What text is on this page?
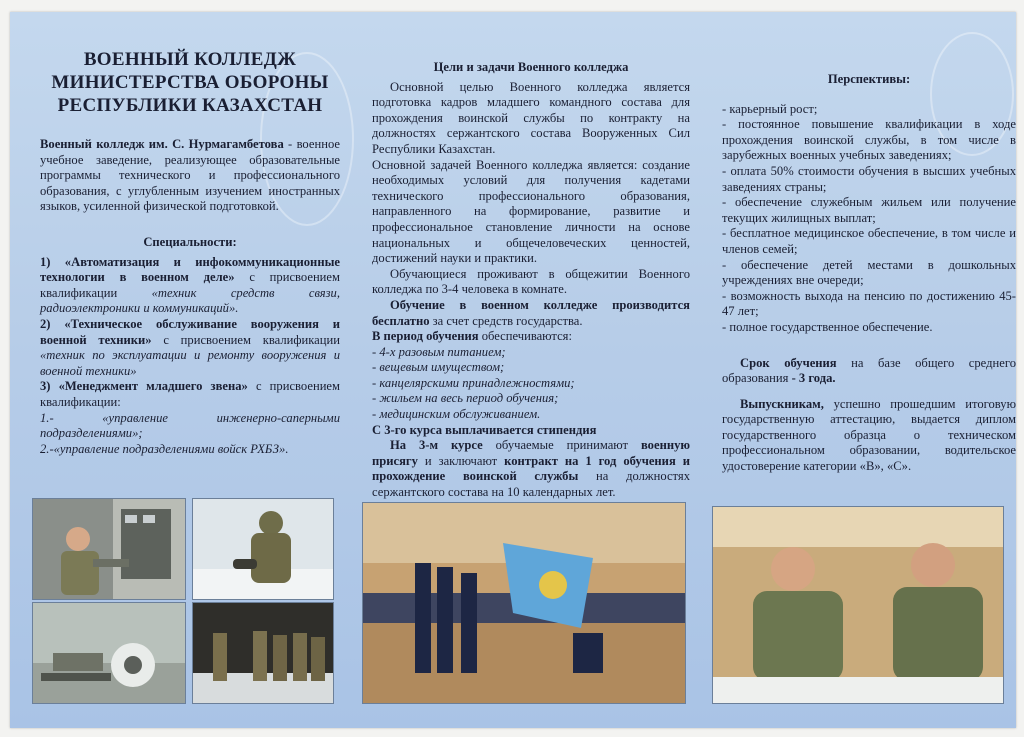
ВОЕННЫЙ КОЛЛЕДЖ
МИНИСТЕРСТВА ОБОРОНЫ
РЕСПУБЛИКИ КАЗАХСТАН

Военный колледж им. С. Нурмагамбетова - военное учебное заведение, реализующее образовательные программы технического и профессионального образования, с углубленным изучением иностранных языков, усиленной физической подготовкой.

Специальности:

1) «Автоматизация и инфокоммуникационные технологии в военном деле» с присвоением квалификации «техник средств связи, радиоэлектроники и коммуникаций».

2) «Техническое обслуживание вооружения и военной техники» с присвоением квалификации «техник по эксплуатации и ремонту вооружения и военной техники»

3) «Менеджмент младшего звена» с присвоением квалификации:

1.- «управление инженерно-саперными подразделениями»;

2.-«управление подразделениями войск РХБЗ».

Цели и задачи Военного колледжа

Основной целью Военного колледжа является подготовка кадров младшего командного состава для прохождения воинской службы по контракту на должностях сержантского состава Вооруженных Сил Республики Казахстан.

Основной задачей Военного колледжа является: создание необходимых условий для получения кадетами технического профессионального образования, направленного на формирование, развитие и профессиональное становление личности на основе национальных и общечеловеческих ценностей, достижений науки и практики.

Обучающиеся проживают в общежитии Военного колледжа по 3-4 человека в комнате.

Обучение в военном колледже производится бесплатно за счет средств государства.

В период обучения обеспечиваются:

- 4-х разовым питанием;
- вещевым имуществом;
- канцелярскими принадлежностями;
- жильем на весь период обучения;
- медицинским обслуживанием.

С 3-го курса выплачивается стипендия

На 3-м курсе обучаемые принимают военную присягу и заключают контракт на 1 год обучения и прохождение воинской службы на должностях сержантского состава на 10 календарных лет.

Перспективы:
- карьерный рост;
- постоянное повышение квалификации в ходе прохождения воинской службы, в том числе в зарубежных военных учебных заведениях;
- оплата 50% стоимости обучения в высших учебных заведениях страны;
- обеспечение служебным жильем или получение текущих жилищных выплат;
- бесплатное медицинское обеспечение, в том числе и членов семей;
- обеспечение детей местами в дошкольных учреждениях вне очереди;
- возможность выхода на пенсию по достижению 45- 47 лет;
- полное государственное обеспечение.

Срок обучения на базе общего среднего образования - 3 года.

Выпускникам, успешно прошедшим итоговую государственную аттестацию, выдается диплом государственного образца о техническом профессиональном образовании, водительское удостоверение категории «В», «С».
